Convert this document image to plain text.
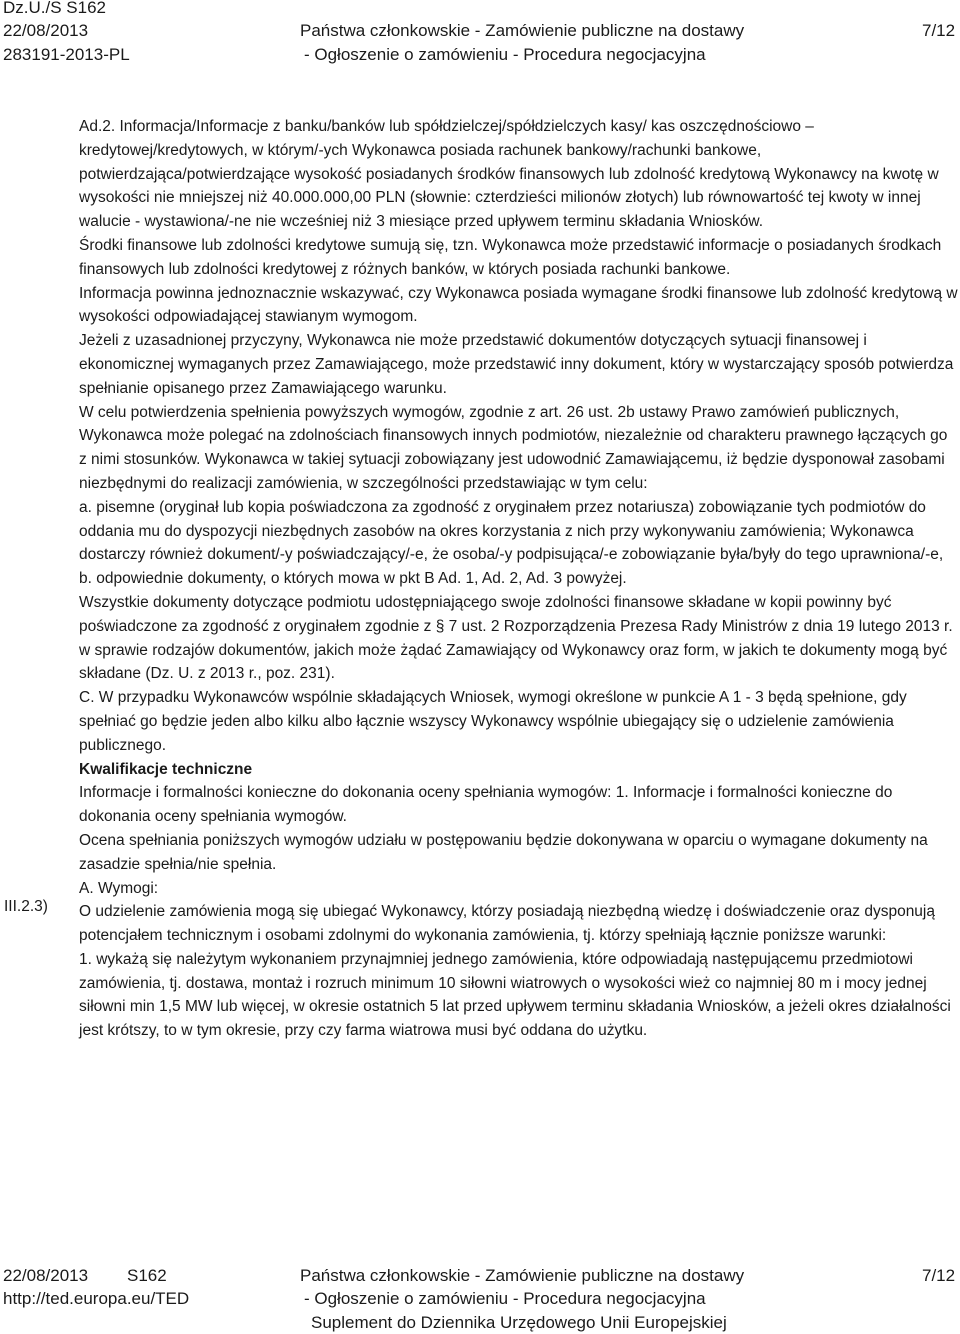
Dz.U./S S162
22/08/2013
283191-2013-PL
Państwa członkowskie - Zamówienie publiczne na dostawy
- Ogłoszenie o zamówieniu - Procedura negocjacyjna
7/12
III.2.3)

Ad.2. Informacja/Informacje z banku/banków lub spółdzielczej/spółdzielczych kasy/ kas oszczędnościowo – kredytowej/kredytowych, w którym/-ych Wykonawca posiada rachunek bankowy/rachunki bankowe, potwierdzająca/potwierdzające wysokość posiadanych środków finansowych lub zdolność kredytową Wykonawcy na kwotę w wysokości nie mniejszej niż 40.000.000,00 PLN (słownie: czterdzieści milionów złotych) lub równowartość tej kwoty w innej walucie - wystawiona/-ne nie wcześniej niż 3 miesiące przed upływem terminu składania Wniosków.

Środki finansowe lub zdolności kredytowe sumują się, tzn. Wykonawca może przedstawić informacje o posiadanych środkach finansowych lub zdolności kredytowej z różnych banków, w których posiada rachunki bankowe.

Informacja powinna jednoznacznie wskazywać, czy Wykonawca posiada wymagane środki finansowe lub zdolność kredytową w wysokości odpowiadającej stawianym wymogom.

Jeżeli z uzasadnionej przyczyny, Wykonawca nie może przedstawić dokumentów dotyczących sytuacji finansowej i ekonomicznej wymaganych przez Zamawiającego, może przedstawić inny dokument, który w wystarczający sposób potwierdza spełnianie opisanego przez Zamawiającego warunku.

W celu potwierdzenia spełnienia powyższych wymogów, zgodnie z art. 26 ust. 2b ustawy Prawo zamówień publicznych, Wykonawca może polegać na zdolnościach finansowych innych podmiotów, niezależnie od charakteru prawnego łączących go z nimi stosunków. Wykonawca w takiej sytuacji zobowiązany jest udowodnić Zamawiającemu, iż będzie dysponował zasobami niezbędnymi do realizacji zamówienia, w szczególności przedstawiając w tym celu:

a. pisemne (oryginał lub kopia poświadczona za zgodność z oryginałem przez notariusza) zobowiązanie tych podmiotów do oddania mu do dyspozycji niezbędnych zasobów na okres korzystania z nich przy wykonywaniu zamówienia; Wykonawca dostarczy również dokument/-y poświadczający/-e, że osoba/-y podpisująca/-e zobowiązanie była/były do tego uprawniona/-e,

b. odpowiednie dokumenty, o których mowa w pkt B Ad. 1, Ad. 2, Ad. 3 powyżej.

Wszystkie dokumenty dotyczące podmiotu udostępniającego swoje zdolności finansowe składane w kopii powinny być poświadczone za zgodność z oryginałem zgodnie z § 7 ust. 2 Rozporządzenia Prezesa Rady Ministrów z dnia 19 lutego 2013 r. w sprawie rodzajów dokumentów, jakich może żądać Zamawiający od Wykonawcy oraz form, w jakich te dokumenty mogą być składane (Dz. U. z 2013 r., poz. 231).

C. W przypadku Wykonawców wspólnie składających Wniosek, wymogi określone w punkcie A 1 - 3 będą spełnione, gdy spełniać go będzie jeden albo kilku albo łącznie wszyscy Wykonawcy wspólnie ubiegający się o udzielenie zamówienia publicznego.

Kwalifikacje techniczne

Informacje i formalności konieczne do dokonania oceny spełniania wymogów: 1. Informacje i formalności konieczne do dokonania oceny spełniania wymogów.

Ocena spełniania poniższych wymogów udziału w postępowaniu będzie dokonywana w oparciu o wymagane dokumenty na zasadzie spełnia/nie spełnia.

A. Wymogi:

O udzielenie zamówienia mogą się ubiegać Wykonawcy, którzy posiadają niezbędną wiedzę i doświadczenie oraz dysponują potencjałem technicznym i osobami zdolnymi do wykonania zamówienia, tj. którzy spełniają łącznie poniższe warunki:

1. wykażą się należytym wykonaniem przynajmniej jednego zamówienia, które odpowiadają następującemu przedmiotowi zamówienia, tj. dostawa, montaż i rozruch minimum 10 siłowni wiatrowych o wysokości wież co najmniej 80 m i mocy jednej siłowni min 1,5 MW lub więcej, w okresie ostatnich 5 lat przed upływem terminu składania Wniosków, a jeżeli okres działalności jest krótszy, to w tym okresie, przy czy farma wiatrowa musi być oddana do użytku.

22/08/2013 S162
http://ted.europa.eu/TED
Państwa członkowskie - Zamówienie publiczne na dostawy
- Ogłoszenie o zamówieniu - Procedura negocjacyjna
Suplement do Dziennika Urzędowego Unii Europejskiej
7/12
